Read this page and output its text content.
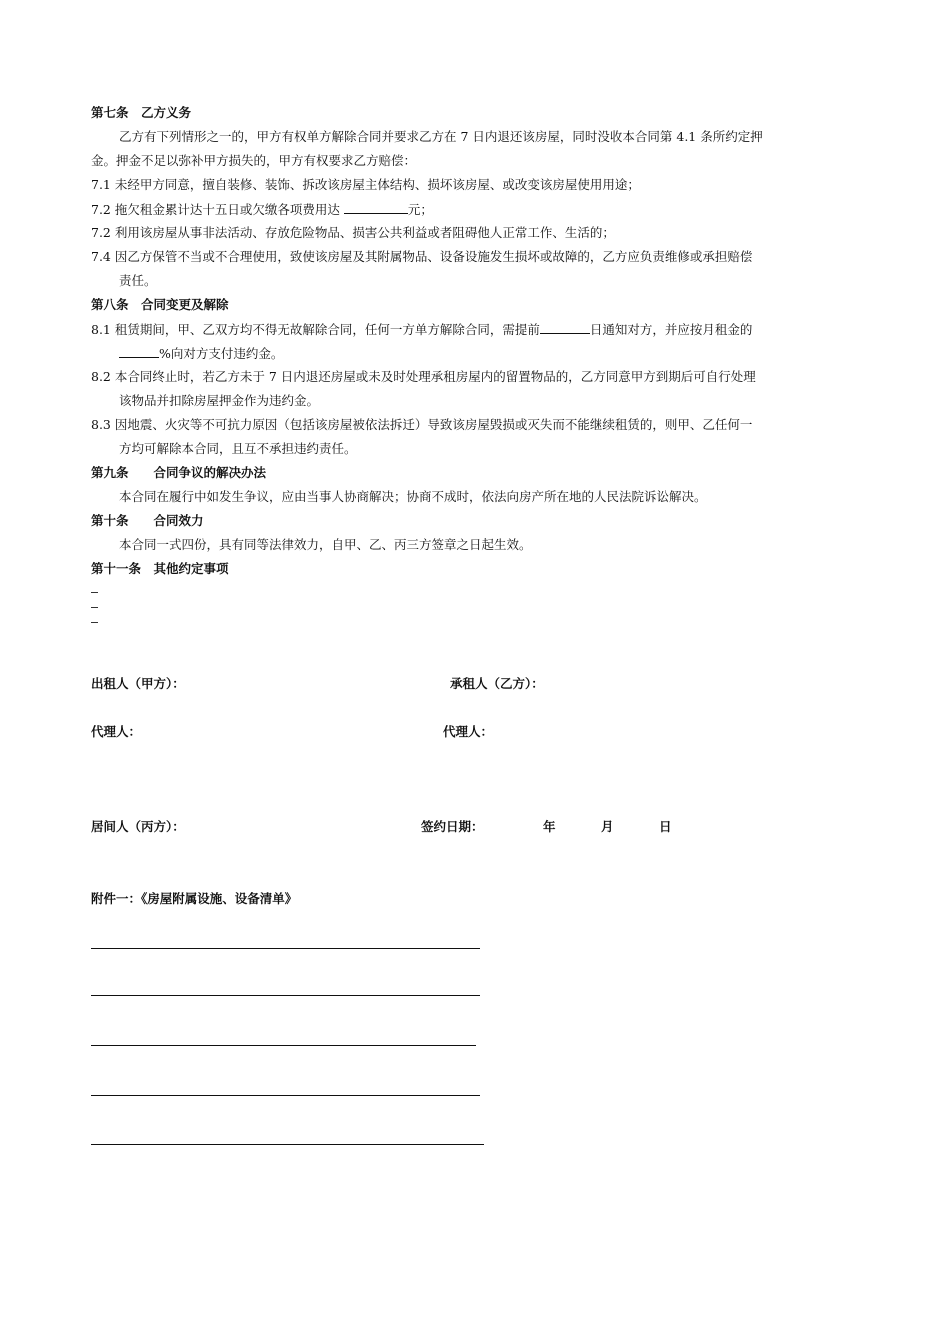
第七条　乙方义务
乙方有下列情形之一的，甲方有权单方解除合同并要求乙方在 7 日内退还该房屋，同时没收本合同第 4.1 条所约定押
金。押金不足以弥补甲方损失的，甲方有权要求乙方赔偿：
7.1 未经甲方同意，擅自装修、装饰、拆改该房屋主体结构、损坏该房屋、或改变该房屋使用用途；
7.2 拖欠租金累计达十五日或欠缴各项费用达	元；
7.2 利用该房屋从事非法活动、存放危险物品、损害公共利益或者阻碍他人正常工作、生活的；
7.4 因乙方保管不当或不合理使用，致使该房屋及其附属物品、设备设施发生损坏或故障的，乙方应负责维修或承担赔偿
责任。
第八条　合同变更及解除
8.1 租赁期间，甲、乙双方均不得无故解除合同，任何一方单方解除合同，需提前	日通知对方，并应按月租金的
%向对方支付违约金。
8.2 本合同终止时，若乙方未于 7 日内退还房屋或未及时处理承租房屋内的留置物品的，乙方同意甲方到期后可自行处理
该物品并扣除房屋押金作为违约金。
8.3 因地震、火灾等不可抗力原因（包括该房屋被依法拆迁）导致该房屋毁损或灭失而不能继续租赁的，则甲、乙任何一
方均可解除本合同，且互不承担违约责任。
第九条　　合同争议的解决办法
本合同在履行中如发生争议，应由当事人协商解决；协商不成时，依法向房产所在地的人民法院诉讼解决。
第十条　　合同效力
本合同一式四份，具有同等法律效力，自甲、乙、丙三方签章之日起生效。
第十一条　其他约定事项
出租人（甲方）：	承租人（乙方）：
代理人：	代理人：
居间人（丙方）：	签约日期：	年	月	日
附件一：《房屋附属设施、设备清单》
